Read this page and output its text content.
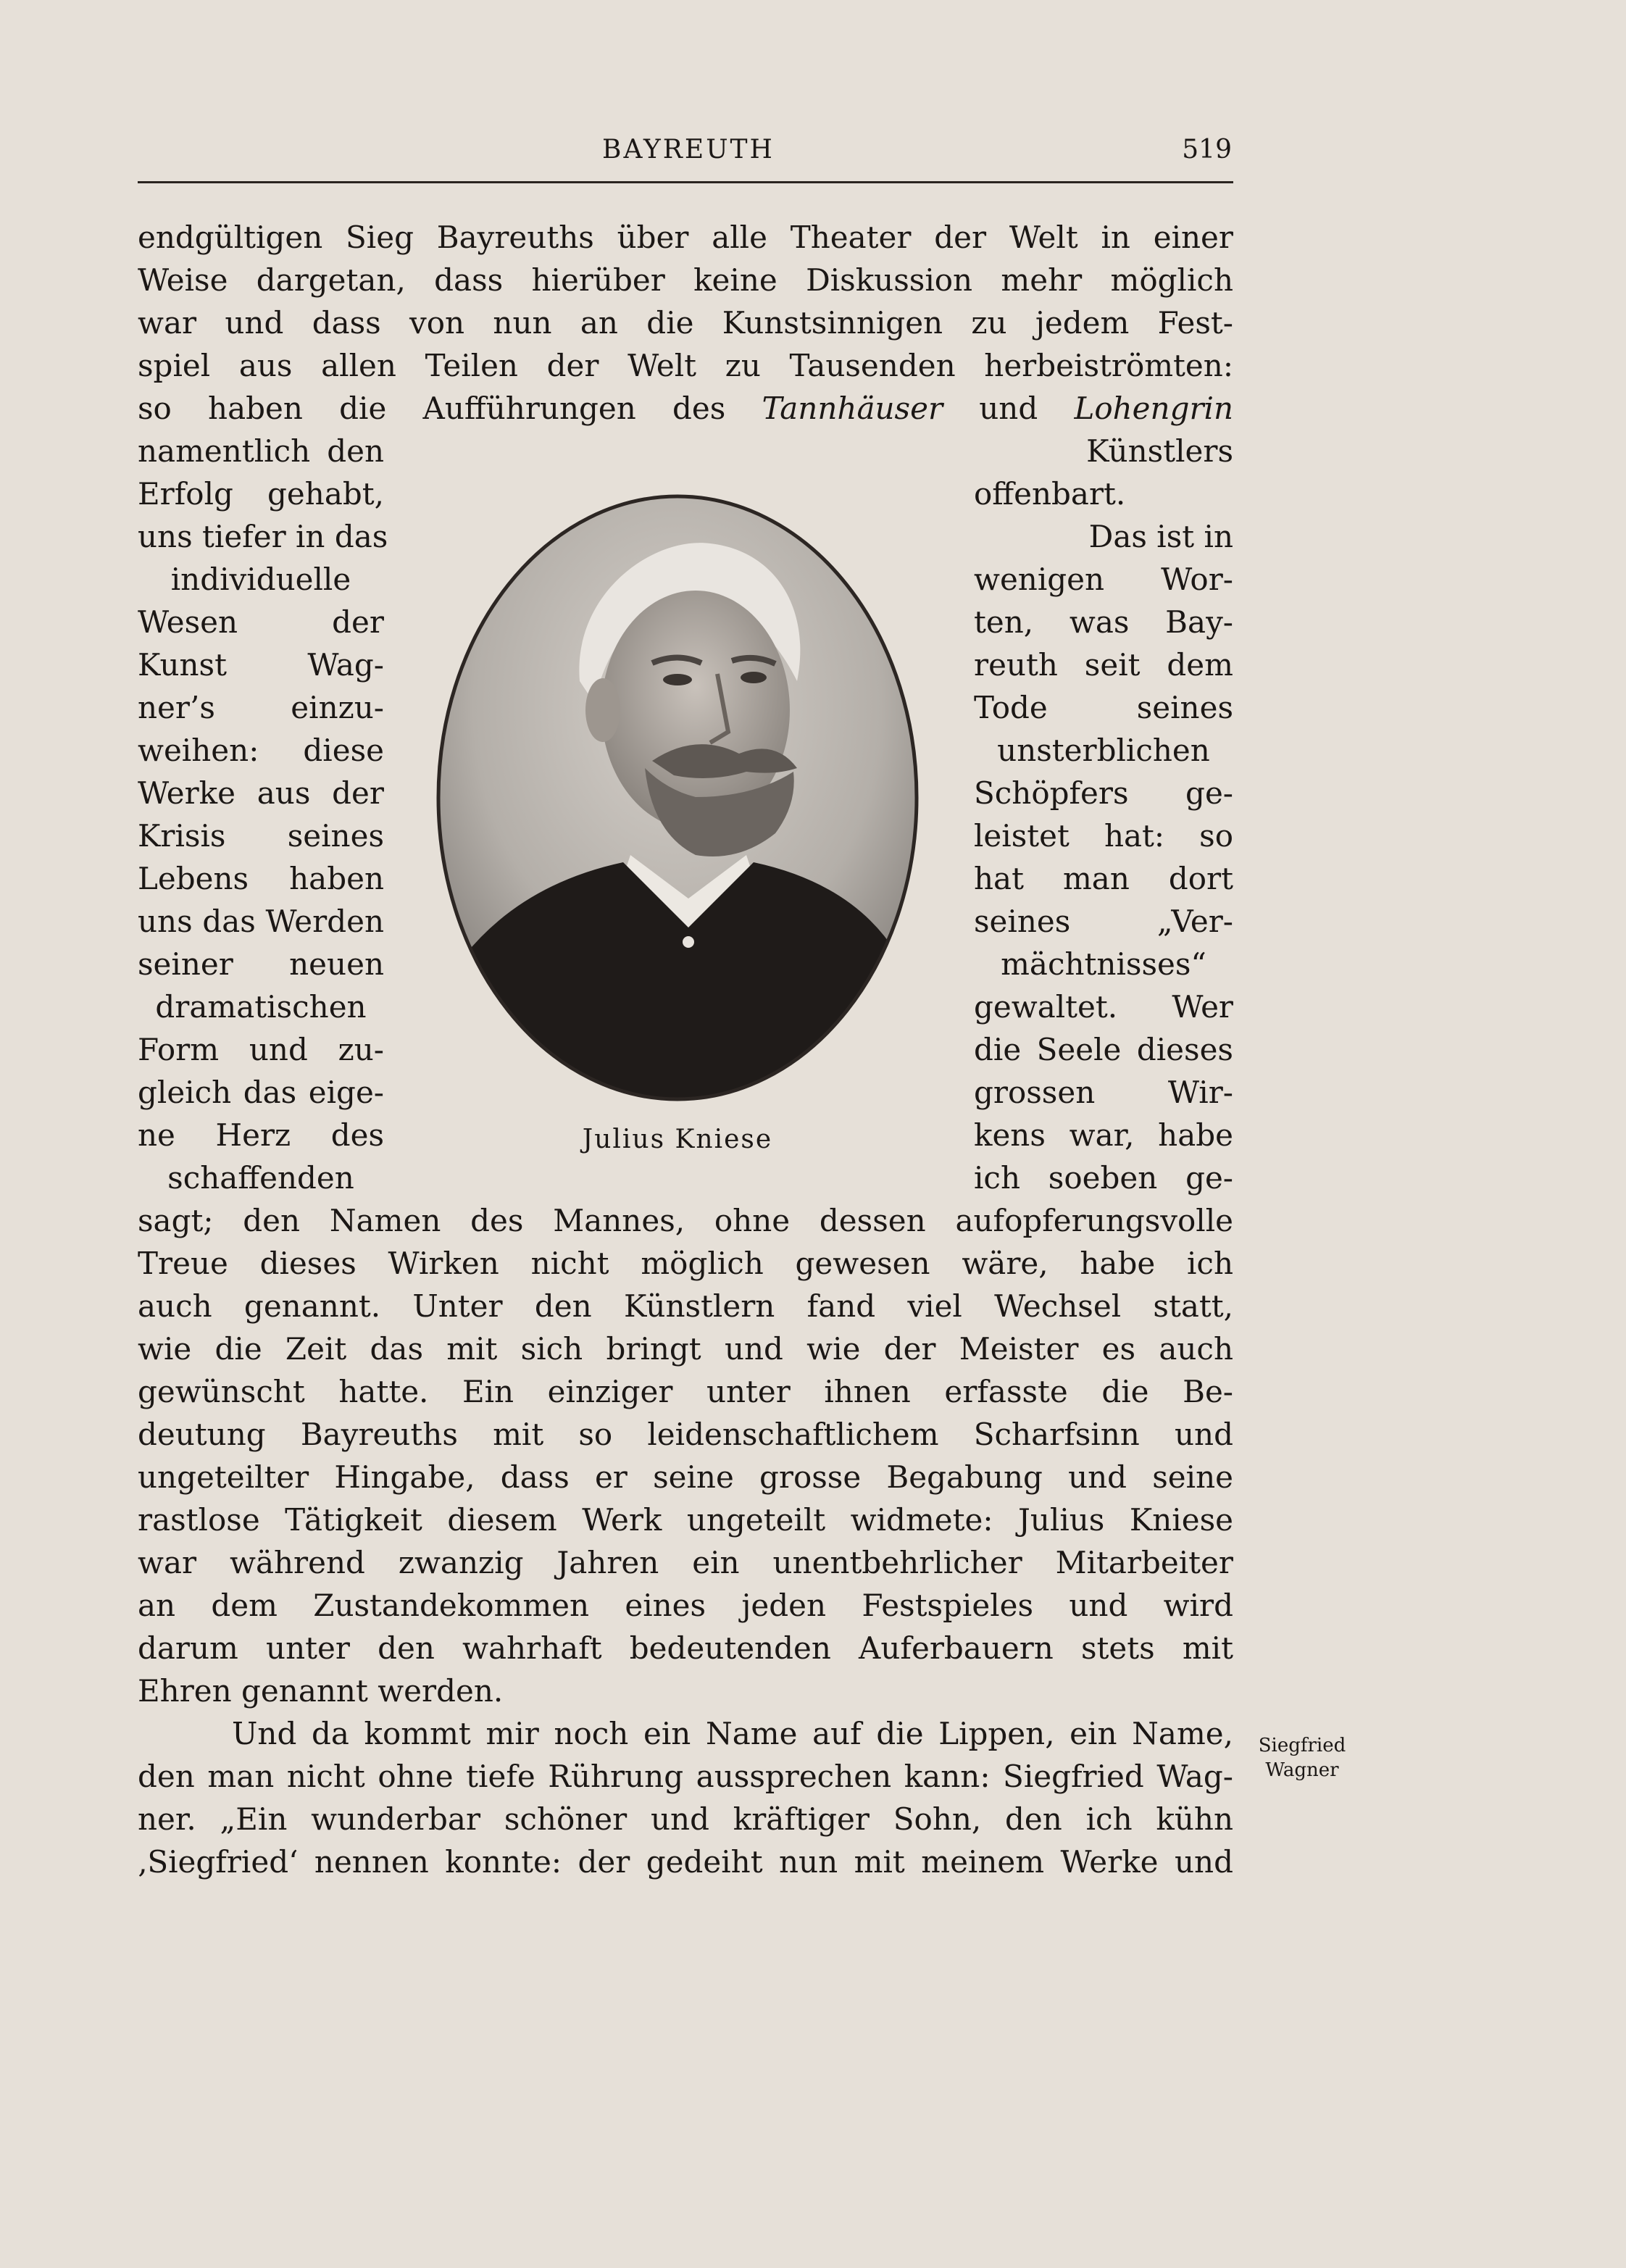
BAYREUTH	519

endgültigen Sieg Bayreuths über alle Theater der Welt in einer

Weise dargetan, dass hierüber keine Diskussion mehr möglich

war und dass von nun an die Kunstsinnigen zu jedem Fest-

spiel aus allen Teilen der Welt zu Tausenden herbeiströmten:

so haben die Aufführungen des Tannhäuser und Lohengrin

namentlich den

Erfolg gehabt,

uns tiefer in das

individuelle

Wesen der

Kunst Wag-

ner’s einzu-

weihen: diese

Werke aus der

Krisis seines

Lebens haben

uns das Werden

seiner neuen

dramatischen

Form und zu-

gleich das eige-

ne Herz des

schaffenden

Künstlers

offenbart.

Das ist in

wenigen Wor-

ten, was Bay-

reuth seit dem

Tode seines

unsterblichen

Schöpfers ge-

leistet hat: so

hat man dort

seines „Ver-

mächtnisses“

gewaltet. Wer

die Seele dieses

grossen Wir-

kens war, habe

ich soeben ge-

Julius Kniese

sagt; den Namen des Mannes, ohne dessen aufopferungsvolle

Treue dieses Wirken nicht möglich gewesen wäre, habe ich

auch genannt. Unter den Künstlern fand viel Wechsel statt,

wie die Zeit das mit sich bringt und wie der Meister es auch

gewünscht hatte. Ein einziger unter ihnen erfasste die Be-

deutung Bayreuths mit so leidenschaftlichem Scharfsinn und

ungeteilter Hingabe, dass er seine grosse Begabung und seine

rastlose Tätigkeit diesem Werk ungeteilt widmete: Julius Kniese

war während zwanzig Jahren ein unentbehrlicher Mitarbeiter

an dem Zustandekommen eines jeden Festspieles und wird

darum unter den wahrhaft bedeutenden Auferbauern stets mit

Ehren genannt werden.

Und da kommt mir noch ein Name auf die Lippen, ein Name,

den man nicht ohne tiefe Rührung aussprechen kann: Siegfried Wag-

ner. „Ein wunderbar schöner und kräftiger Sohn, den ich kühn

‚Siegfried‘ nennen konnte: der gedeiht nun mit meinem Werke und

Siegfried
Wagner
